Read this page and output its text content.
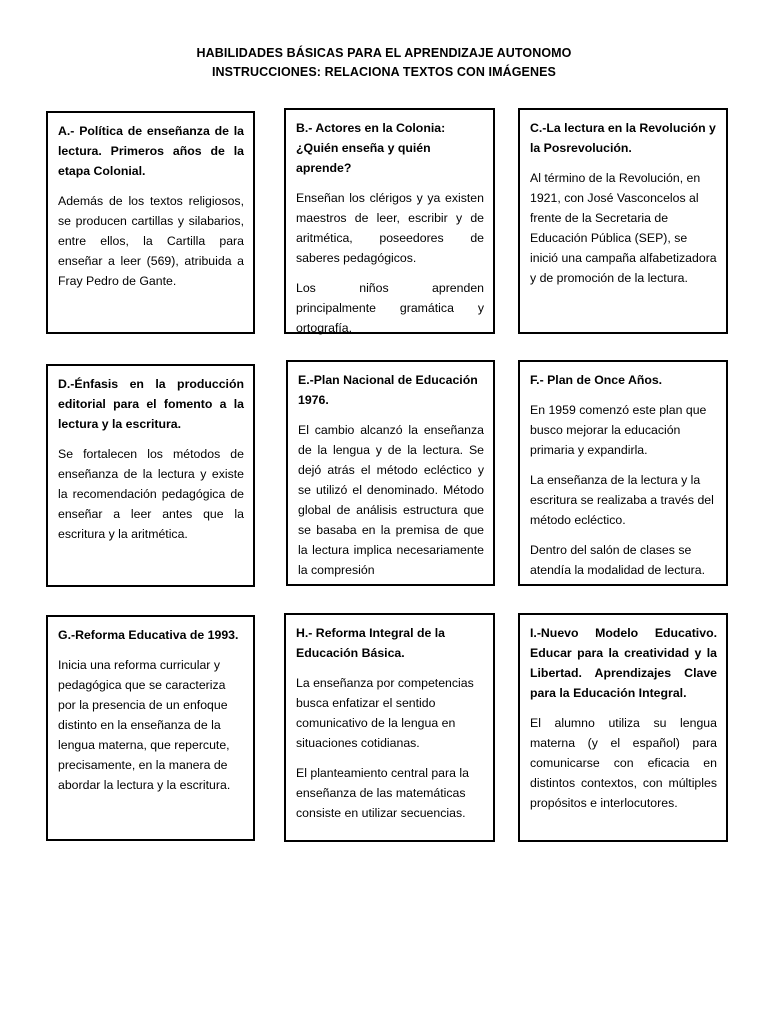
HABILIDADES BÁSICAS PARA EL APRENDIZAJE AUTONOMO
INSTRUCCIONES: RELACIONA TEXTOS CON IMÁGENES
A.- Política de enseñanza de la lectura. Primeros años de la etapa Colonial.
Además de los textos religiosos, se producen cartillas y silabarios, entre ellos, la Cartilla para enseñar a leer (569), atribuida a Fray Pedro de Gante.
B.- Actores en la Colonia:¿Quién enseña y quién aprende?
Enseñan los clérigos y ya existen maestros de leer, escribir y de aritmética, poseedores de saberes pedagógicos.
Los niños aprenden principalmente gramática y ortografía.
C.-La lectura en la Revolución y la Posrevolución.
Al término de la Revolución, en 1921, con José Vasconcelos al frente de la Secretaria de Educación Pública (SEP), se inició una campaña alfabetizadora y de promoción de la lectura.
D.-Énfasis en la producción editorial para el fomento a la lectura y la escritura.
Se fortalecen los métodos de enseñanza de la lectura y existe la recomendación pedagógica de enseñar a leer antes que la escritura y la aritmética.
E.-Plan Nacional de Educación 1976.
El cambio alcanzó la enseñanza de la lengua y de la lectura. Se dejó atrás el método ecléctico y se utilizó el denominado. Método global de análisis estructura que se basaba en la premisa de que la lectura implica necesariamente la compresión
F.- Plan de Once Años.
En 1959 comenzó este plan que busco mejorar la educación primaria y expandirla.
La enseñanza de la lectura y la escritura se realizaba a través del método ecléctico.
Dentro del salón de clases se atendía la modalidad de lectura.
G.-Reforma Educativa de 1993.
Inicia una reforma curricular y pedagógica que se caracteriza por la presencia de un enfoque distinto en la enseñanza de la lengua materna, que repercute, precisamente, en la manera de abordar la lectura y la escritura.
H.- Reforma Integral de la Educación Básica.
La enseñanza por competencias busca enfatizar el sentido comunicativo de la lengua en situaciones cotidianas.
El planteamiento central para la enseñanza de las matemáticas consiste en utilizar secuencias.
I.-Nuevo Modelo Educativo. Educar para la creatividad y la Libertad. Aprendizajes Clave para la Educación Integral.
El alumno utiliza su lengua materna (y el español) para comunicarse con eficacia en distintos contextos, con múltiples propósitos e interlocutores.
